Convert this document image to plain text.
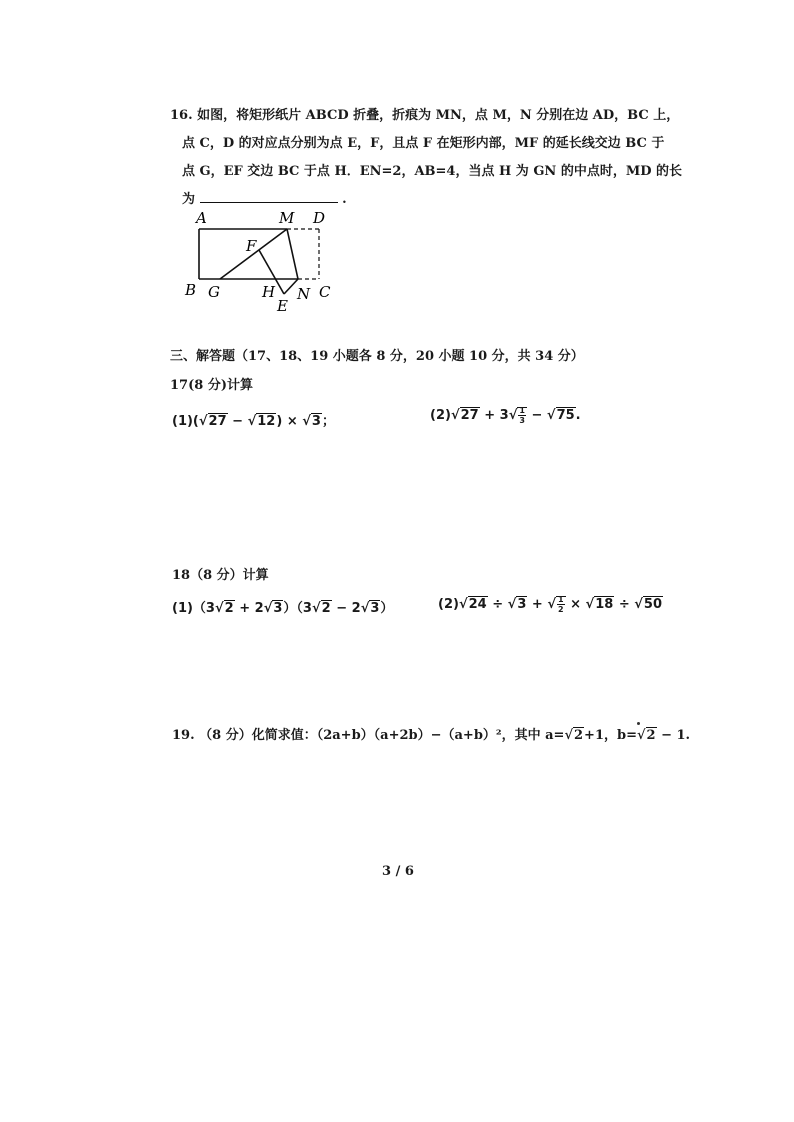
16. 如图，将矩形纸片 ABCD 折叠，折痕为 MN，点 M，N 分别在边 AD，BC 上，
点 C，D 的对应点分别为点 E，F，且点 F 在矩形内部，MF 的延长线交边 BC 于
点 G，EF 交边 BC 于点 H．EN=2，AB=4，当点 H 为 GN 的中点时，MD 的长
为	.
A	M D
F
B G	H N
E
C
三、解答题（17、18、19 小题各 8 分，20 小题 10 分，共 34 分）
17(8 分)计算
(1)(√27 − √12) × √3；	$(2)√27 + 3√ \frac{1}{3} - √75$.
18（8 分）计算
(1)（3√2 + 2√3）（3√2 − 2√3）	(2)√24 ÷ √3 + √ $\frac{1}{2} \times √18 \div √50$
19. （8 分）化简求值：（2a+b）（a+2b）−（a+b）²，其中 a=√2+1，b=√2 − 1.
3 / 6
